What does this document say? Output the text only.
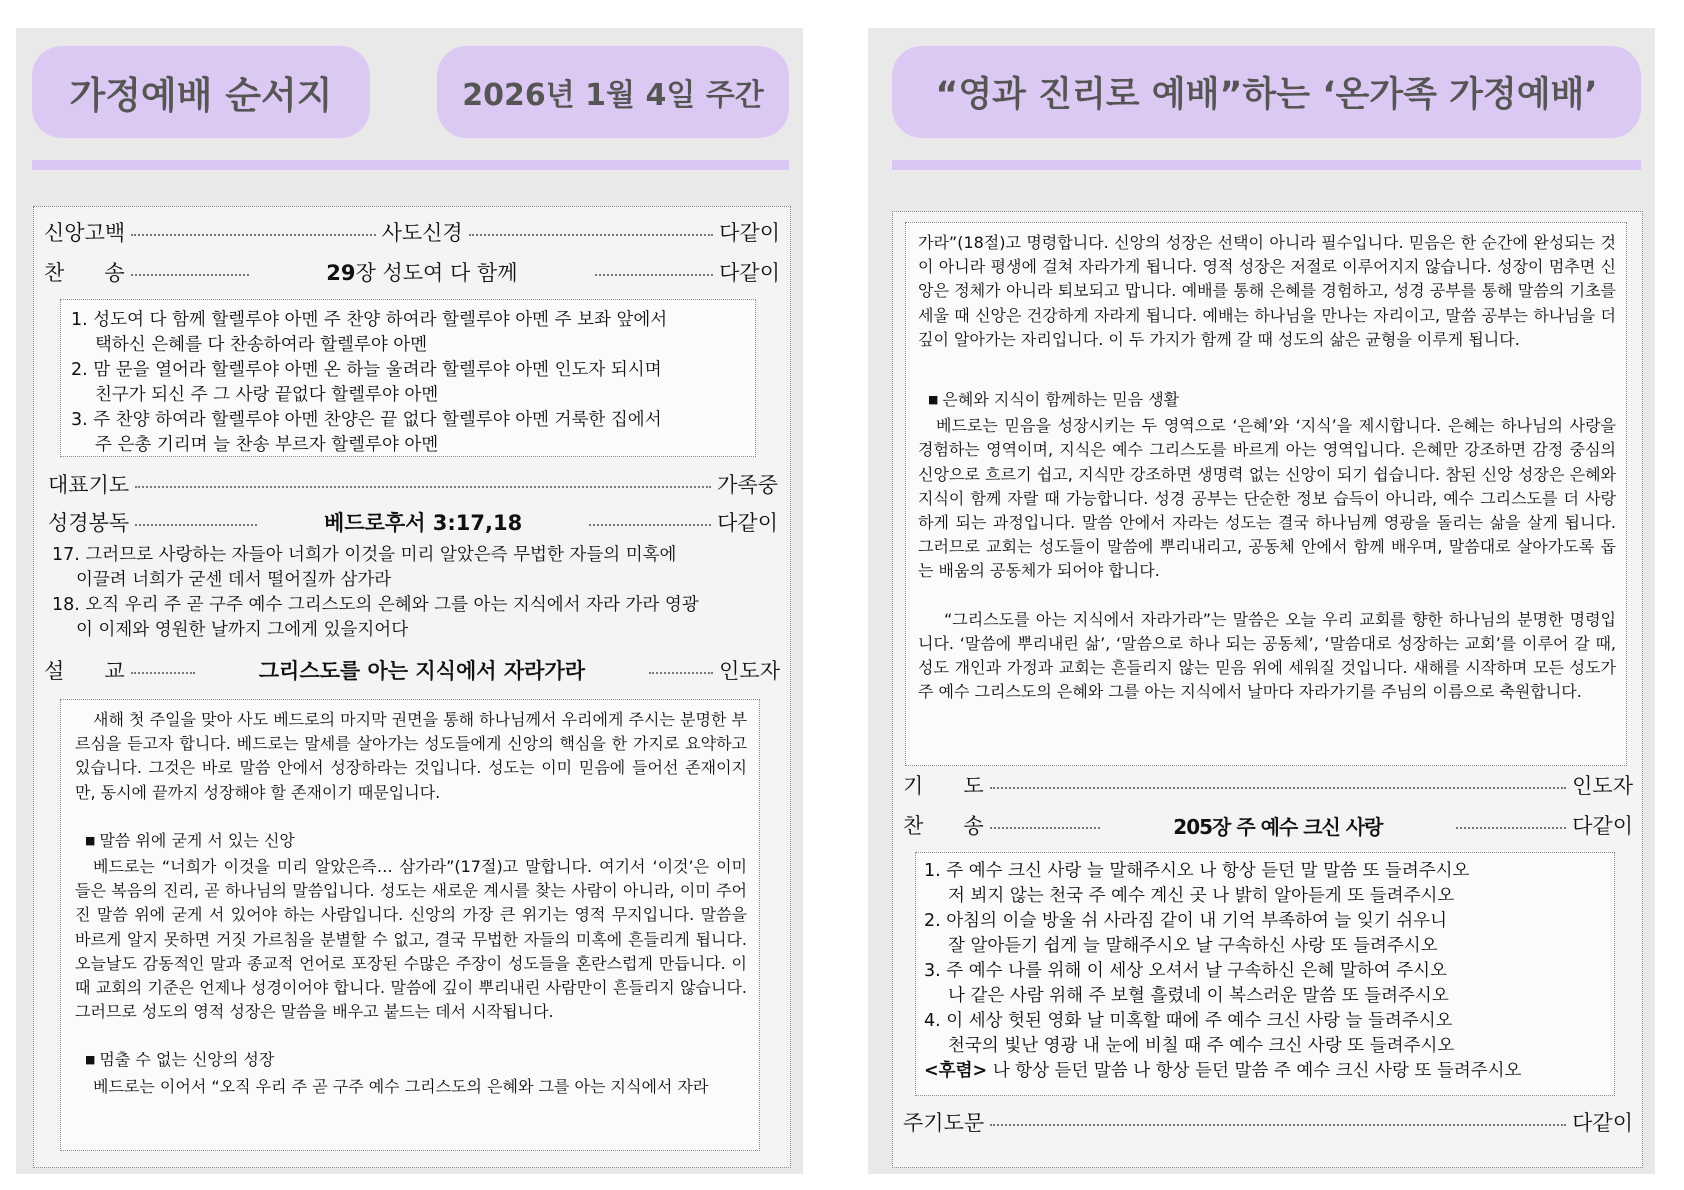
가정예배 순서지	2026년 1월 4일 주간
신앙고백	사도신경	다같이
찬      송	29장 성도여 다 함께	다같이

1. 성도여 다 함께 할렐루야 아멘 주 찬양 하여라 할렐루야 아멘 주 보좌 앞에서

택하신 은혜를 다 찬송하여라 할렐루야 아멘

2. 맘 문을 열어라 할렐루야 아멘 온 하늘 울려라 할렐루야 아멘 인도자 되시며

친구가 되신 주 그 사랑 끝없다 할렐루야 아멘

3. 주 찬양 하여라 할렐루야 아멘 찬양은 끝 없다 할렐루야 아멘 거룩한 집에서

주 은총 기리며 늘 찬송 부르자 할렐루야 아멘

대표기도	가족중
성경봉독	베드로후서 3:17,18	다같이

17. 그러므로 사랑하는 자들아 너희가 이것을 미리 알았은즉 무법한 자들의 미혹에

이끌려 너희가 굳센 데서 떨어질까 삼가라

18. 오직 우리 주 곧 구주 예수 그리스도의 은혜와 그를 아는 지식에서 자라 가라 영광

이 이제와 영원한 날까지 그에게 있을지어다

설      교	그리스도를 아는 지식에서 자라가라	인도자

새해 첫 주일을 맞아 사도 베드로의 마지막 권면을 통해 하나님께서 우리에게 주시는 분명한 부르심을 듣고자 합니다. 베드로는 말세를 살아가는 성도들에게 신앙의 핵심을 한 가지로 요약하고 있습니다. 그것은 바로 말씀 안에서 성장하라는 것입니다. 성도는 이미 믿음에 들어선 존재이지만, 동시에 끝까지 성장해야 할 존재이기 때문입니다.

■ 말씀 위에 굳게 서 있는 신앙

베드로는 “너희가 이것을 미리 알았은즉… 삼가라”(17절)고 말합니다. 여기서 ‘이것’은 이미 들은 복음의 진리, 곧 하나님의 말씀입니다. 성도는 새로운 계시를 찾는 사람이 아니라, 이미 주어진 말씀 위에 굳게 서 있어야 하는 사람입니다. 신앙의 가장 큰 위기는 영적 무지입니다. 말씀을 바르게 알지 못하면 거짓 가르침을 분별할 수 없고, 결국 무법한 자들의 미혹에 흔들리게 됩니다. 오늘날도 감동적인 말과 종교적 언어로 포장된 수많은 주장이 성도들을 혼란스럽게 만듭니다. 이때 교회의 기준은 언제나 성경이어야 합니다. 말씀에 깊이 뿌리내린 사람만이 흔들리지 않습니다. 그러므로 성도의 영적 성장은 말씀을 배우고 붙드는 데서 시작됩니다.

■ 멈출 수 없는 신앙의 성장

베드로는 이어서 “오직 우리 주 곧 구주 예수 그리스도의 은혜와 그를 아는 지식에서 자라

“영과 진리로 예배”하는 ‘온가족 가정예배’

가라”(18절)고 명령합니다. 신앙의 성장은 선택이 아니라 필수입니다. 믿음은 한 순간에 완성되는 것이 아니라 평생에 걸쳐 자라가게 됩니다. 영적 성장은 저절로 이루어지지 않습니다. 성장이 멈추면 신앙은 정체가 아니라 퇴보되고 맙니다. 예배를 통해 은혜를 경험하고, 성경 공부를 통해 말씀의 기초를 세울 때 신앙은 건강하게 자라게 됩니다. 예배는 하나님을 만나는 자리이고, 말씀 공부는 하나님을 더 깊이 알아가는 자리입니다. 이 두 가지가 함께 갈 때 성도의 삶은 균형을 이루게 됩니다.

■ 은혜와 지식이 함께하는 믿음 생활

베드로는 믿음을 성장시키는 두 영역으로 ‘은혜’와 ‘지식’을 제시합니다. 은혜는 하나님의 사랑을 경험하는 영역이며, 지식은 예수 그리스도를 바르게 아는 영역입니다. 은혜만 강조하면 감정 중심의 신앙으로 흐르기 쉽고, 지식만 강조하면 생명력 없는 신앙이 되기 쉽습니다. 참된 신앙 성장은 은혜와 지식이 함께 자랄 때 가능합니다. 성경 공부는 단순한 정보 습득이 아니라, 예수 그리스도를 더 사랑하게 되는 과정입니다. 말씀 안에서 자라는 성도는 결국 하나님께 영광을 돌리는 삶을 살게 됩니다. 그러므로 교회는 성도들이 말씀에 뿌리내리고, 공동체 안에서 함께 배우며, 말씀대로 살아가도록 돕는 배움의 공동체가 되어야 합니다.

“그리스도를 아는 지식에서 자라가라”는 말씀은 오늘 우리 교회를 향한 하나님의 분명한 명령입니다. ‘말씀에 뿌리내린 삶’, ‘말씀으로 하나 되는 공동체’, ‘말씀대로 성장하는 교회’를 이루어 갈 때, 성도 개인과 가정과 교회는 흔들리지 않는 믿음 위에 세워질 것입니다. 새해를 시작하며 모든 성도가 주 예수 그리스도의 은혜와 그를 아는 지식에서 날마다 자라가기를 주님의 이름으로 축원합니다.

기      도	인도자
찬      송	205장 주 예수 크신 사랑	다같이

1. 주 예수 크신 사랑 늘 말해주시오 나 항상 듣던 말 말씀 또 들려주시오

저 뵈지 않는 천국 주 예수 계신 곳 나 밝히 알아듣게 또 들려주시오

2. 아침의 이슬 방울 쉬 사라짐 같이 내 기억 부족하여 늘 잊기 쉬우니

잘 알아듣기 쉽게 늘 말해주시오 날 구속하신 사랑 또 들려주시오

3. 주 예수 나를 위해 이 세상 오셔서 날 구속하신 은혜 말하여 주시오

나 같은 사람 위해 주 보혈 흘렸네 이 복스러운 말씀 또 들려주시오

4. 이 세상 헛된 영화 날 미혹할 때에 주 예수 크신 사랑 늘 들려주시오

천국의 빛난 영광 내 눈에 비칠 때 주 예수 크신 사랑 또 들려주시오

<후렴> 나 항상 듣던 말씀 나 항상 듣던 말씀 주 예수 크신 사랑 또 들려주시오

주기도문	다같이
